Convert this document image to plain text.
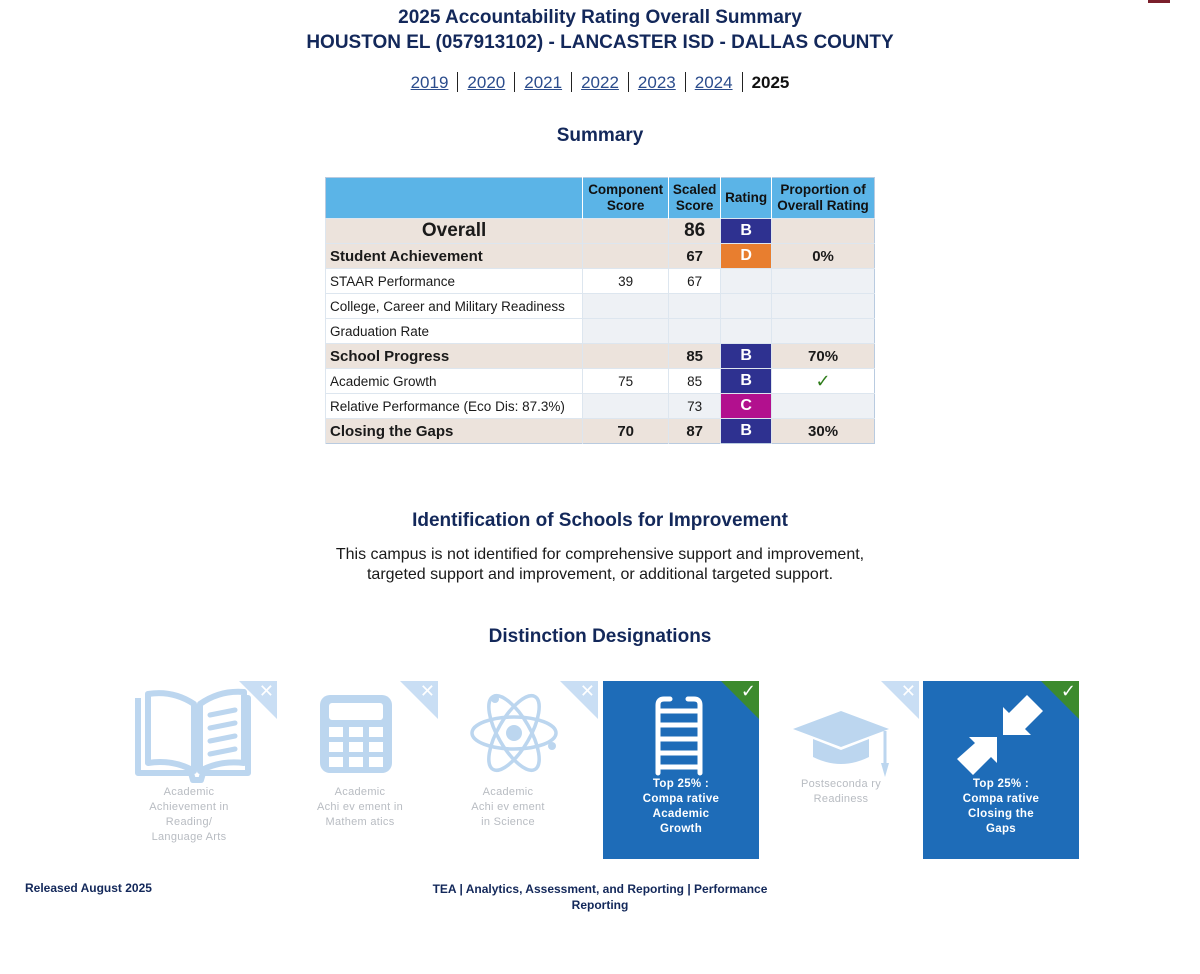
2025 Accountability Rating Overall Summary
HOUSTON EL (057913102) - LANCASTER ISD - DALLAS COUNTY
2019 2020 2021 2022 2023 2024 2025
Summary
	Component Score	Scaled Score	Rating	Proportion of Overall Rating
Overall		86	B	
Student Achievement		67	D	0%
STAAR Performance	39	67		
College, Career and Military Readiness				
Graduation Rate				
School Progress		85	B	70%
Academic Growth	75	85	B	✓
Relative Performance (Eco Dis: 87.3%)		73	C	
Closing the Gaps	70	87	B	30%
Identification of Schools for Improvement
This campus is not identified for comprehensive support and improvement,
targeted support and improvement, or additional targeted support.
Distinction Designations
✕
Academic
Achievement in
Reading/
Language Arts
✕
Academic
Achi ev ement in
Mathem atics
✕
Academic
Achi ev ement
in Science
✓
Top 25% :
Compa rative
Academic
Growth
✕
Postseconda ry
Readiness
✓
Top 25% :
Compa rative
Closing the
Gaps
Released August 2025	TEA | Analytics, Assessment, and Reporting | Performance
Reporting
